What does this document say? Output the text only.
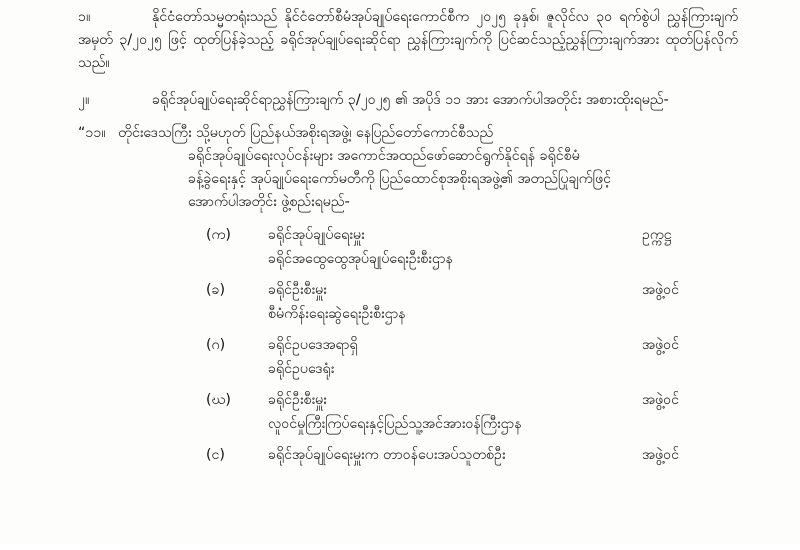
၁။	နိုင်ငံတော်သမ္မတရုံးသည် နိုင်ငံတော်စီမံအုပ်ချုပ်ရေးကောင်စီက ၂၀၂၅ ခုနှစ်၊ ဇူလိုင်လ ၃၀ ရက်စွဲပါ ညွှန်ကြားချက်အမှတ် ၃/၂၀၂၅ ဖြင့် ထုတ်ပြန်ခဲ့သည့် ခရိုင်အုပ်ချုပ်ရေးဆိုင်ရာ ညွှန်ကြားချက်ကို ပြင်ဆင်သည့်ညွှန်ကြားချက်အား ထုတ်ပြန်လိုက်သည်။
၂။	ခရိုင်အုပ်ချုပ်ရေးဆိုင်ရာညွှန်ကြားချက် ၃/၂၀၂၅ ၏ အပိုဒ် ၁၁ အား အောက်ပါအတိုင်း အစားထိုးရမည်-
“၁၁။ တိုင်းဒေသကြီး သို့မဟုတ် ပြည်နယ်အစိုးရအဖွဲ့၊ နေပြည်တော်ကောင်စီသည်
ခရိုင်အုပ်ချုပ်ရေးလုပ်ငန်းများ အကောင်အထည်ဖော်ဆောင်ရွက်နိုင်ရန် ခရိုင်စီမံ
ခန့်ခွဲရေးနှင့် အုပ်ချုပ်ရေးကော်မတီကို ပြည်ထောင်စုအစိုးရအဖွဲ့၏ အတည်ပြုချက်ဖြင့်
အောက်ပါအတိုင်း ဖွဲ့စည်းရမည်-
(က)	ခရိုင်အုပ်ချုပ်ရေးမှူး	ဥက္ကဋ္ဌ
ခရိုင်အထွေထွေအုပ်ချုပ်ရေးဦးစီးဌာန
(ခ)	ခရိုင်ဦးစီးမှူး	အဖွဲ့ဝင်
စီမံကိန်းရေးဆွဲရေးဦးစီးဌာန
(ဂ)	ခရိုင်ဥပဒေအရာရှိ	အဖွဲ့ဝင်
ခရိုင်ဥပဒေရုံး
(ဃ)	ခရိုင်ဦးစီးမှူး	အဖွဲ့ဝင်
လူဝင်မှုကြီးကြပ်ရေးနှင့်ပြည်သူ့အင်အားဝန်ကြီးဌာန
(င)	ခရိုင်အုပ်ချုပ်ရေးမှူးက တာဝန်ပေးအပ်သူတစ်ဦး	အဖွဲ့ဝင်
